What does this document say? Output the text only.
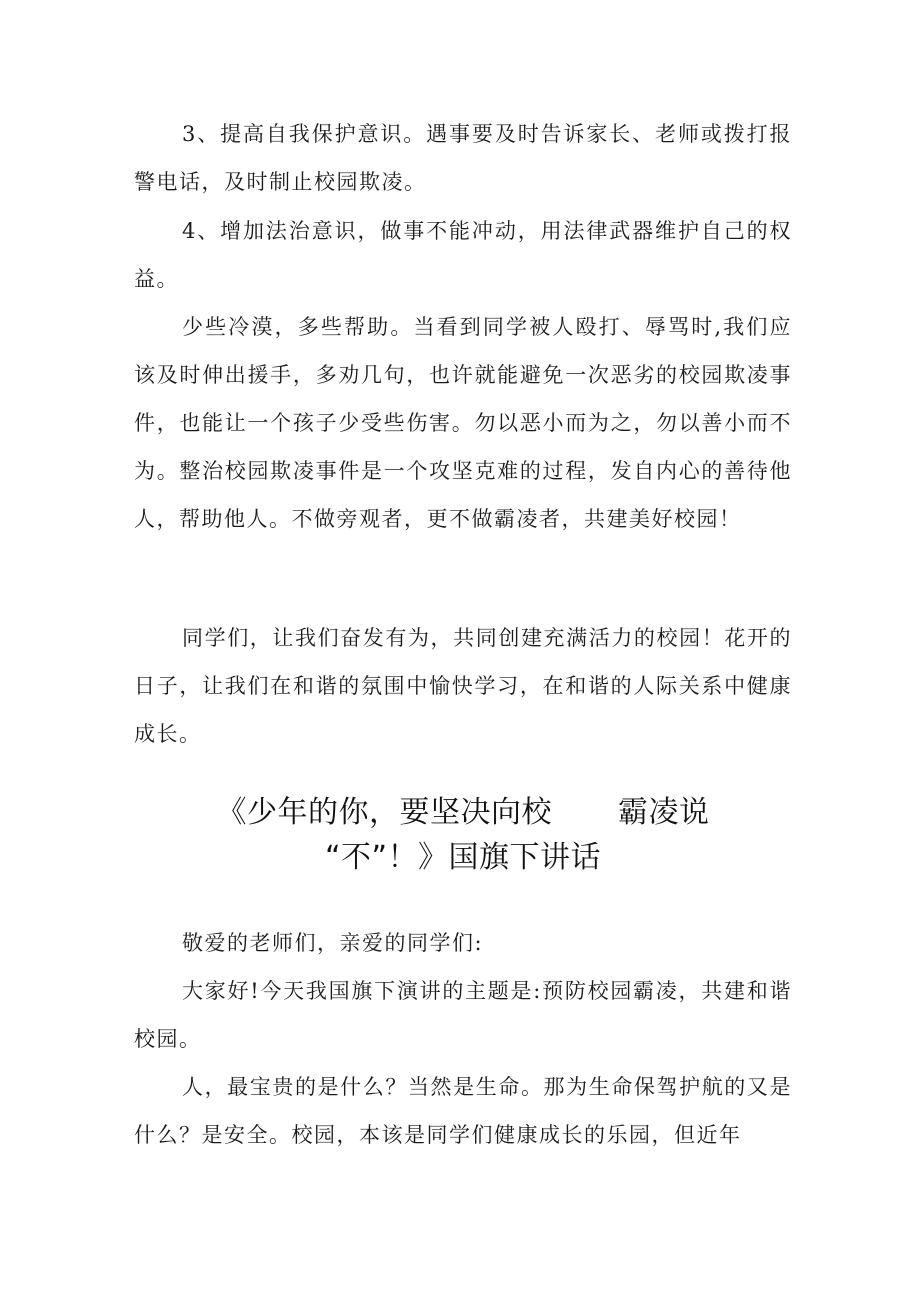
3、提高自我保护意识。遇事要及时告诉家长、老师或拨打报警电话，及时制止校园欺凌。

4、增加法治意识，做事不能冲动，用法律武器维护自己的权益。

少些冷漠，多些帮助。当看到同学被人殴打、辱骂时,我们应该及时伸出援手，多劝几句，也许就能避免一次恶劣的校园欺凌事件，也能让一个孩子少受些伤害。勿以恶小而为之，勿以善小而不为。整治校园欺凌事件是一个攻坚克难的过程，发自内心的善待他人，帮助他人。不做旁观者，更不做霸凌者，共建美好校园！

同学们，让我们奋发有为，共同创建充满活力的校园！花开的日子，让我们在和谐的氛围中愉快学习，在和谐的人际关系中健康成长。

《少年的你，要坚决向校 霸凌说
“不”！》国旗下讲话

敬爱的老师们，亲爱的同学们:

大家好!今天我国旗下演讲的主题是:预防校园霸凌，共建和谐校园。

人，最宝贵的是什么？当然是生命。那为生命保驾护航的又是什么？是安全。校园，本该是同学们健康成长的乐园，但近年
